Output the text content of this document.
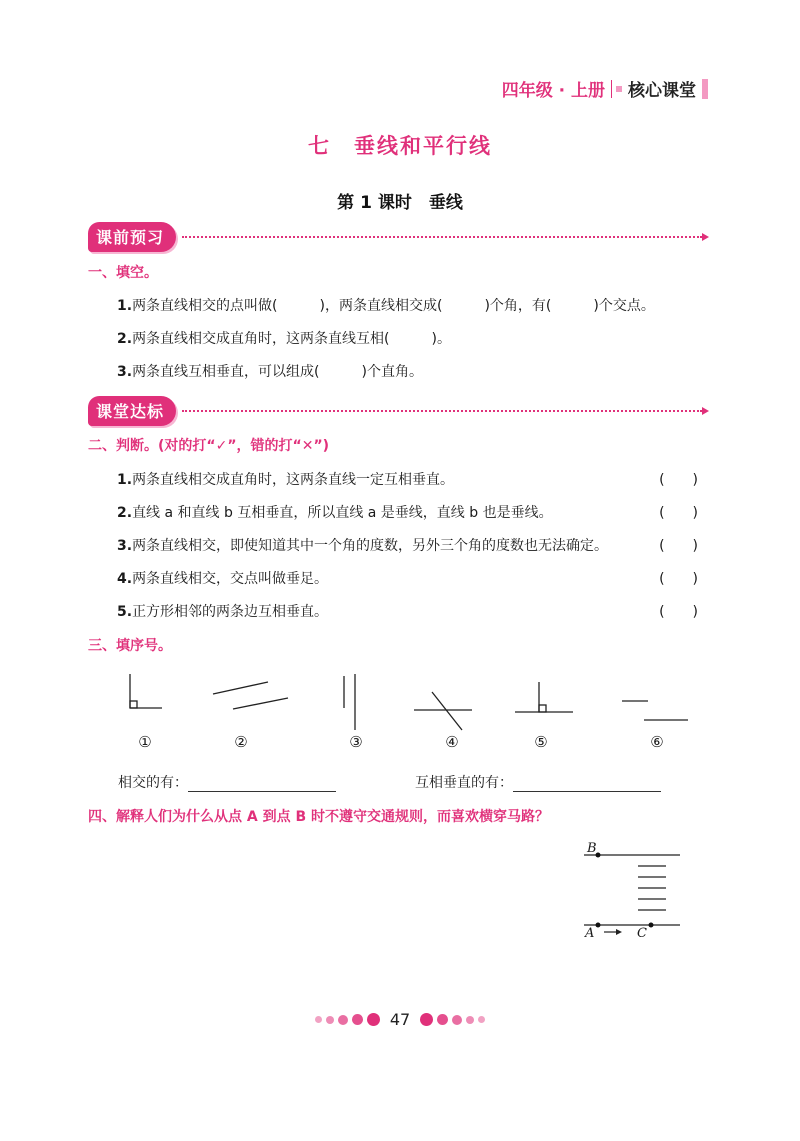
四年级 · 上册 核心课堂
七　垂线和平行线
第 1 课时　垂线
课前预习
一、填空。
1.两条直线相交的点叫做(　　　)，两条直线相交成(　　　)个角，有(　　　)个交点。
2.两条直线相交成直角时，这两条直线互相(　　　)。
3.两条直线互相垂直，可以组成(　　　)个直角。
课堂达标
二、判断。(对的打“✓”，错的打“✕”)
1.两条直线相交成直角时，这两条直线一定互相垂直。	(　　)
2.直线 a 和直线 b 互相垂直，所以直线 a 是垂线，直线 b 也是垂线。	(　　)
3.两条直线相交，即使知道其中一个角的度数，另外三个角的度数也无法确定。	(　　)
4.两条直线相交，交点叫做垂足。	(　　)
5.正方形相邻的两条边互相垂直。	(　　)
三、填序号。
①	②	③	④	⑤	⑥
相交的有：	互相垂直的有：
四、解释人们为什么从点 A 到点 B 时不遵守交通规则，而喜欢横穿马路？
B
A	C
47
